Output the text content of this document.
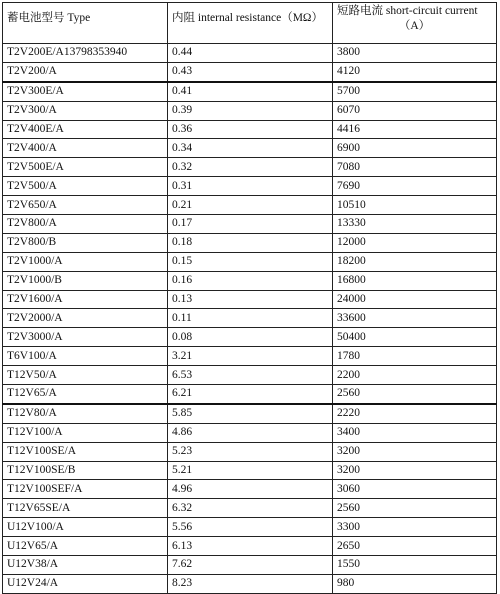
蓄电池型号 Type	内阻 internal resistance（MΩ）	短路电流 short-circuit current
（A）

T2V200E/A13798353940	0.44	3800
T2V200/A	0.43	4120
T2V300E/A	0.41	5700
T2V300/A	0.39	6070
T2V400E/A	0.36	4416
T2V400/A	0.34	6900
T2V500E/A	0.32	7080
T2V500/A	0.31	7690
T2V650/A	0.21	10510
T2V800/A	0.17	13330
T2V800/B	0.18	12000
T2V1000/A	0.15	18200
T2V1000/B	0.16	16800
T2V1600/A	0.13	24000
T2V2000/A	0.11	33600
T2V3000/A	0.08	50400
T6V100/A	3.21	1780
T12V50/A	6.53	2200
T12V65/A	6.21	2560
T12V80/A	5.85	2220
T12V100/A	4.86	3400
T12V100SE/A	5.23	3200
T12V100SE/B	5.21	3200
T12V100SEF/A	4.96	3060
T12V65SE/A	6.32	2560
U12V100/A	5.56	3300
U12V65/A	6.13	2650
U12V38/A	7.62	1550
U12V24/A	8.23	980
